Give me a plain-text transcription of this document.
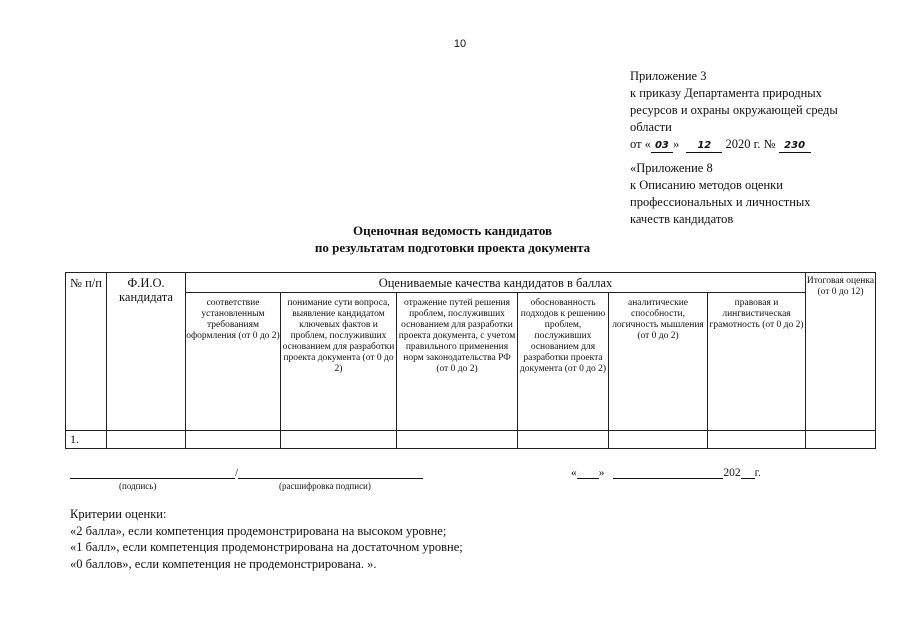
10
Приложение 3
к приказу Департамента природных
ресурсов и охраны окружающей среды
области
от « 03 » 12 2020 г. № 230
«Приложение 8
к Описанию методов оценки
профессиональных и личностных
качеств кандидатов
Оценочная ведомость кандидатов
по результатам подготовки проекта документа
№ п/п	Ф.И.О. кандидата	Оцениваемые качества кандидатов в баллах						Итоговая оценка (от 0 до 12)
		соответствие установленным требованиям оформления (от 0 до 2)	понимание сути вопроса, выявление кандидатом ключевых фактов и проблем, послуживших основанием для разработки проекта документа (от 0 до 2)	отражение путей решения проблем, послуживших основанием для разработки проекта документа, с учетом правильного применения норм законодательства РФ (от 0 до 2)	обоснованность подходов к решению проблем, послуживших основанием для разработки проекта документа (от 0 до 2)	аналитические способности, логичность мышления (от 0 до 2)	правовая и лингвистическая грамотность (от 0 до 2)	
1.								
/	« »	202 г.
(подпись)	(расшифровка подписи)
Критерии оценки:
«2 балла», если компетенция продемонстрирована на высоком уровне;
«1 балл», если компетенция продемонстрирована на достаточном уровне;
«0 баллов», если компетенция не продемонстрирована. ».
